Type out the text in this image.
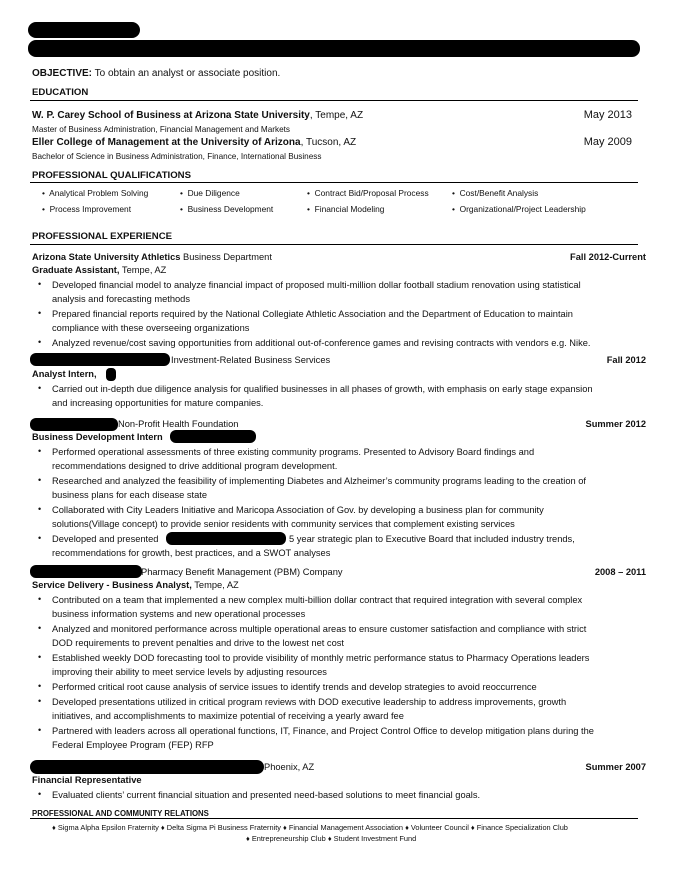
OBJECTIVE: To obtain an analyst or associate position.
EDUCATION
W. P. Carey School of Business at Arizona State University, Tempe, AZ	May 2013
Master of Business Administration, Financial Management and Markets
Eller College of Management at the University of Arizona, Tucson, AZ	May 2009
Bachelor of Science in Business Administration, Finance, International Business
PROFESSIONAL QUALIFICATIONS
• Analytical Problem Solving	• Due Diligence	• Contract Bid/Proposal Process	• Cost/Benefit Analysis
• Process Improvement	• Business Development	• Financial Modeling	• Organizational/Project Leadership
PROFESSIONAL EXPERIENCE
Arizona State University Athletics Business Department	Fall 2012-Current
Graduate Assistant, Tempe, AZ
• Developed financial model to analyze financial impact of proposed multi-million dollar football stadium renovation using statistical
analysis and forecasting methods
• Prepared financial reports required by the National Collegiate Athletic Association and the Department of Education to maintain
compliance with these overseeing organizations
• Analyzed revenue/cost saving opportunities from additional out-of-conference games and revising contracts with vendors e.g. Nike.
Investment-Related Business Services	Fall 2012
Analyst Intern,
• Carried out in-depth due diligence analysis for qualified businesses in all phases of growth, with emphasis on early stage expansion
and increasing opportunities for mature companies.
Non-Profit Health Foundation	Summer 2012
Business Development Intern
• Performed operational assessments of three existing community programs. Presented to Advisory Board findings and
recommendations designed to drive additional program development.
• Researched and analyzed the feasibility of implementing Diabetes and Alzheimer’s community programs leading to the creation of
business plans for each disease state
• Collaborated with City Leaders Initiative and Maricopa Association of Gov. by developing a business plan for community
solutions(Village concept) to provide senior residents with community services that complement existing services
• Developed and presented	5 year strategic plan to Executive Board that included industry trends,
recommendations for growth, best practices, and a SWOT analyses
Pharmacy Benefit Management (PBM) Company	2008 – 2011
Service Delivery - Business Analyst, Tempe, AZ
• Contributed on a team that implemented a new complex multi-billion dollar contract that required integration with several complex
business information systems and new operational processes
• Analyzed and monitored performance across multiple operational areas to ensure customer satisfaction and compliance with strict
DOD requirements to prevent penalties and drive to the lowest net cost
• Established weekly DOD forecasting tool to provide visibility of monthly metric performance status to Pharmacy Operations leaders
improving their ability to meet service levels by adjusting resources
• Performed critical root cause analysis of service issues to identify trends and develop strategies to avoid reoccurrence
• Developed presentations utilized in critical program reviews with DOD executive leadership to address improvements, growth
initiatives, and accomplishments to maximize potential of receiving a yearly award fee
• Partnered with leaders across all operational functions, IT, Finance, and Project Control Office to develop mitigation plans during the
Federal Employee Program (FEP) RFP
Phoenix, AZ	Summer 2007
Financial Representative
• Evaluated clients’ current financial situation and presented need-based solutions to meet financial goals.
PROFESSIONAL AND COMMUNITY RELATIONS
♦ Sigma Alpha Epsilon Fraternity ♦ Delta Sigma Pi Business Fraternity ♦ Financial Management Association ♦ Volunteer Council ♦ Finance Specialization Club
♦ Entrepreneurship Club ♦ Student Investment Fund
